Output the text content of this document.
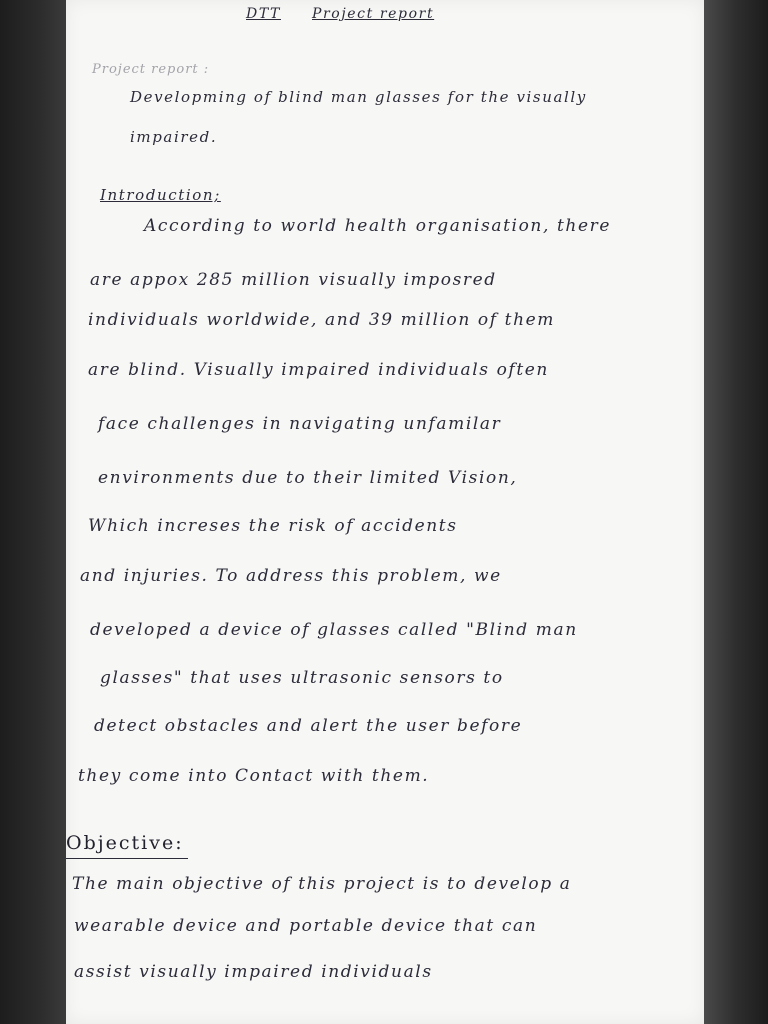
DTT Project report

Project report :

Developming of blind man glasses for the visually

impaired.

Introduction;

According to world health organisation, there

are appox 285 million visually imposred

individuals worldwide, and 39 million of them

are blind. Visually impaired individuals often

face challenges in navigating unfamilar

environments due to their limited Vision,

Which increses the risk of accidents

and injuries. To address this problem, we

developed a device of glasses called "Blind man

glasses" that uses ultrasonic sensors to

detect obstacles and alert the user before

they come into Contact with them.

Objective:

The main objective of this project is to develop a

wearable device and portable device that can

assist visually impaired individuals
